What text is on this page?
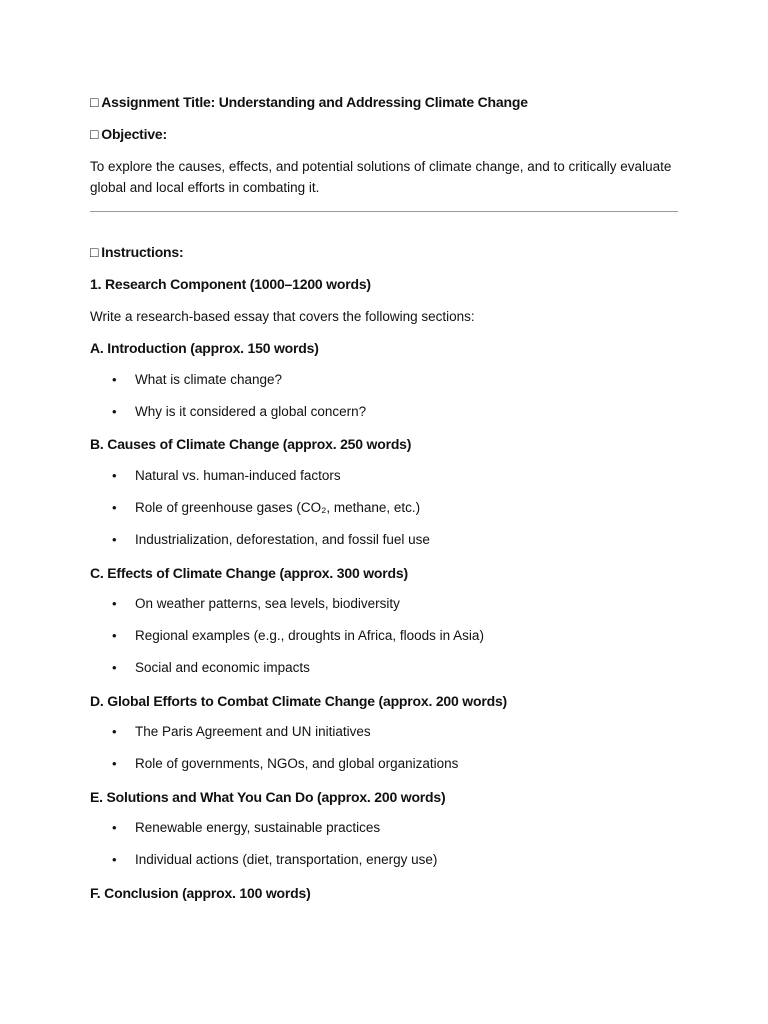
□ Assignment Title: Understanding and Addressing Climate Change
□ Objective:
To explore the causes, effects, and potential solutions of climate change, and to critically evaluate global and local efforts in combating it.
□ Instructions:
1. Research Component (1000–1200 words)
Write a research-based essay that covers the following sections:
A. Introduction (approx. 150 words)
• What is climate change?
• Why is it considered a global concern?
B. Causes of Climate Change (approx. 250 words)
• Natural vs. human-induced factors
• Role of greenhouse gases (CO₂, methane, etc.)
• Industrialization, deforestation, and fossil fuel use
C. Effects of Climate Change (approx. 300 words)
• On weather patterns, sea levels, biodiversity
• Regional examples (e.g., droughts in Africa, floods in Asia)
• Social and economic impacts
D. Global Efforts to Combat Climate Change (approx. 200 words)
• The Paris Agreement and UN initiatives
• Role of governments, NGOs, and global organizations
E. Solutions and What You Can Do (approx. 200 words)
• Renewable energy, sustainable practices
• Individual actions (diet, transportation, energy use)
F. Conclusion (approx. 100 words)
